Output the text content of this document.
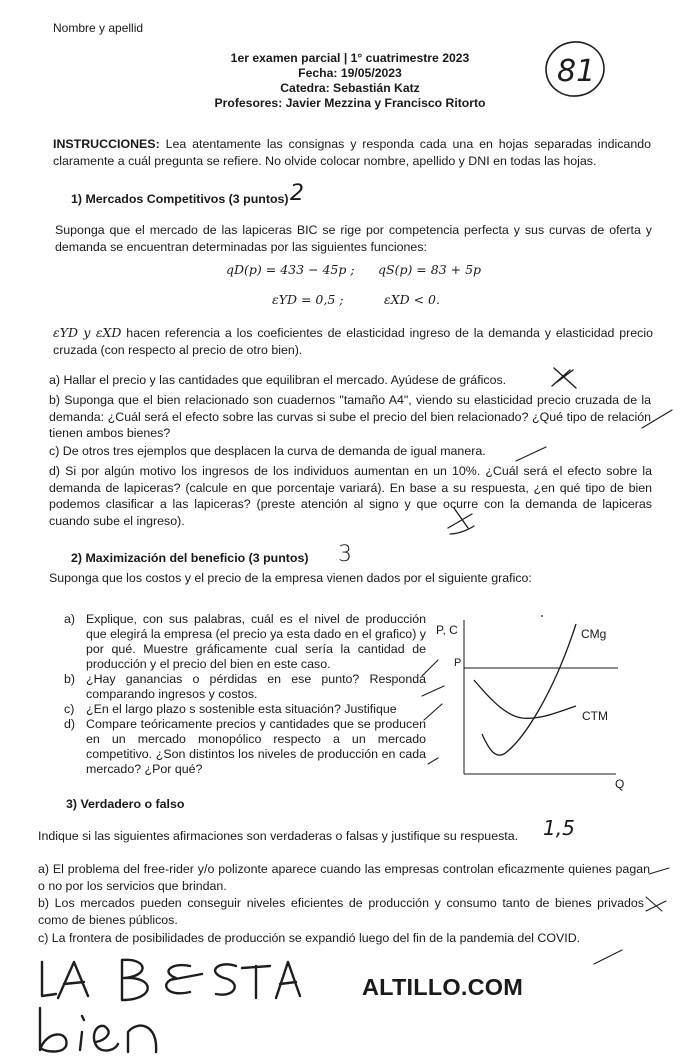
Nombre y apellid
1er examen parcial | 1° cuatrimestre 2023
Fecha: 19/05/2023
Catedra: Sebastián Katz
Profesores: Javier Mezzina y Francisco Ritorto
81
INSTRUCCIONES: Lea atentamente las consignas y responda cada una en hojas separadas indicando claramente a cuál pregunta se refiere. No olvide colocar nombre, apellido y DNI en todas las hojas.
1) Mercados Competitivos (3 puntos) 2
Suponga que el mercado de las lapiceras BIC se rige por competencia perfecta y sus curvas de oferta y demanda se encuentran determinadas por las siguientes funciones:
qD(p) = 433 − 45p ; qS(p) = 83 + 5p
εYD = 0,5 ;	εXD < 0.
εYD y εXD hacen referencia a los coeficientes de elasticidad ingreso de la demanda y elasticidad precio cruzada (con respecto al precio de otro bien).
a) Hallar el precio y las cantidades que equilibran el mercado. Ayúdese de gráficos.
b) Suponga que el bien relacionado son cuadernos "tamaño A4", viendo su elasticidad precio cruzada de la demanda: ¿Cuál será el efecto sobre las curvas si sube el precio del bien relacionado? ¿Qué tipo de relación tienen ambos bienes?
c) De otros tres ejemplos que desplacen la curva de demanda de igual manera.
d) Si por algún motivo los ingresos de los individuos aumentan en un 10%. ¿Cuál será el efecto sobre la demanda de lapiceras? (calcule en que porcentaje variará). En base a su respuesta, ¿en qué tipo de bien podemos clasificar a las lapiceras? (preste atención al signo y que ocurre con la demanda de lapiceras cuando sube el ingreso).
2) Maximización del beneficio (3 puntos) 3
Suponga que los costos y el precio de la empresa vienen dados por el siguiente grafico:
a) Explique, con sus palabras, cuál es el nivel de producción que elegirá la empresa (el precio ya esta dado en el grafico) y por qué. Muestre gráficamente cual sería la cantidad de producción y el precio del bien en este caso.
b) ¿Hay ganancias o pérdidas en ese punto? Responda comparando ingresos y costos.
c) ¿En el largo plazo s sostenible esta situación? Justifique
d) Compare teóricamente precios y cantidades que se producen en un mercado monopólico respecto a un mercado competitivo. ¿Son distintos los niveles de producción en cada mercado? ¿Por qué?
P, C
P
CMg
CTM
Q
3) Verdadero o falso
Indique si las siguientes afirmaciones son verdaderas o falsas y justifique su respuesta.	1,5
a) El problema del free-rider y/o polizonte aparece cuando las empresas controlan eficazmente quienes pagan o no por los servicios que brindan.
b) Los mercados pueden conseguir niveles eficientes de producción y consumo tanto de bienes privados como de bienes públicos.
c) La frontera de posibilidades de producción se expandió luego del fin de la pandemia del COVID.
ALTILLO.COM
